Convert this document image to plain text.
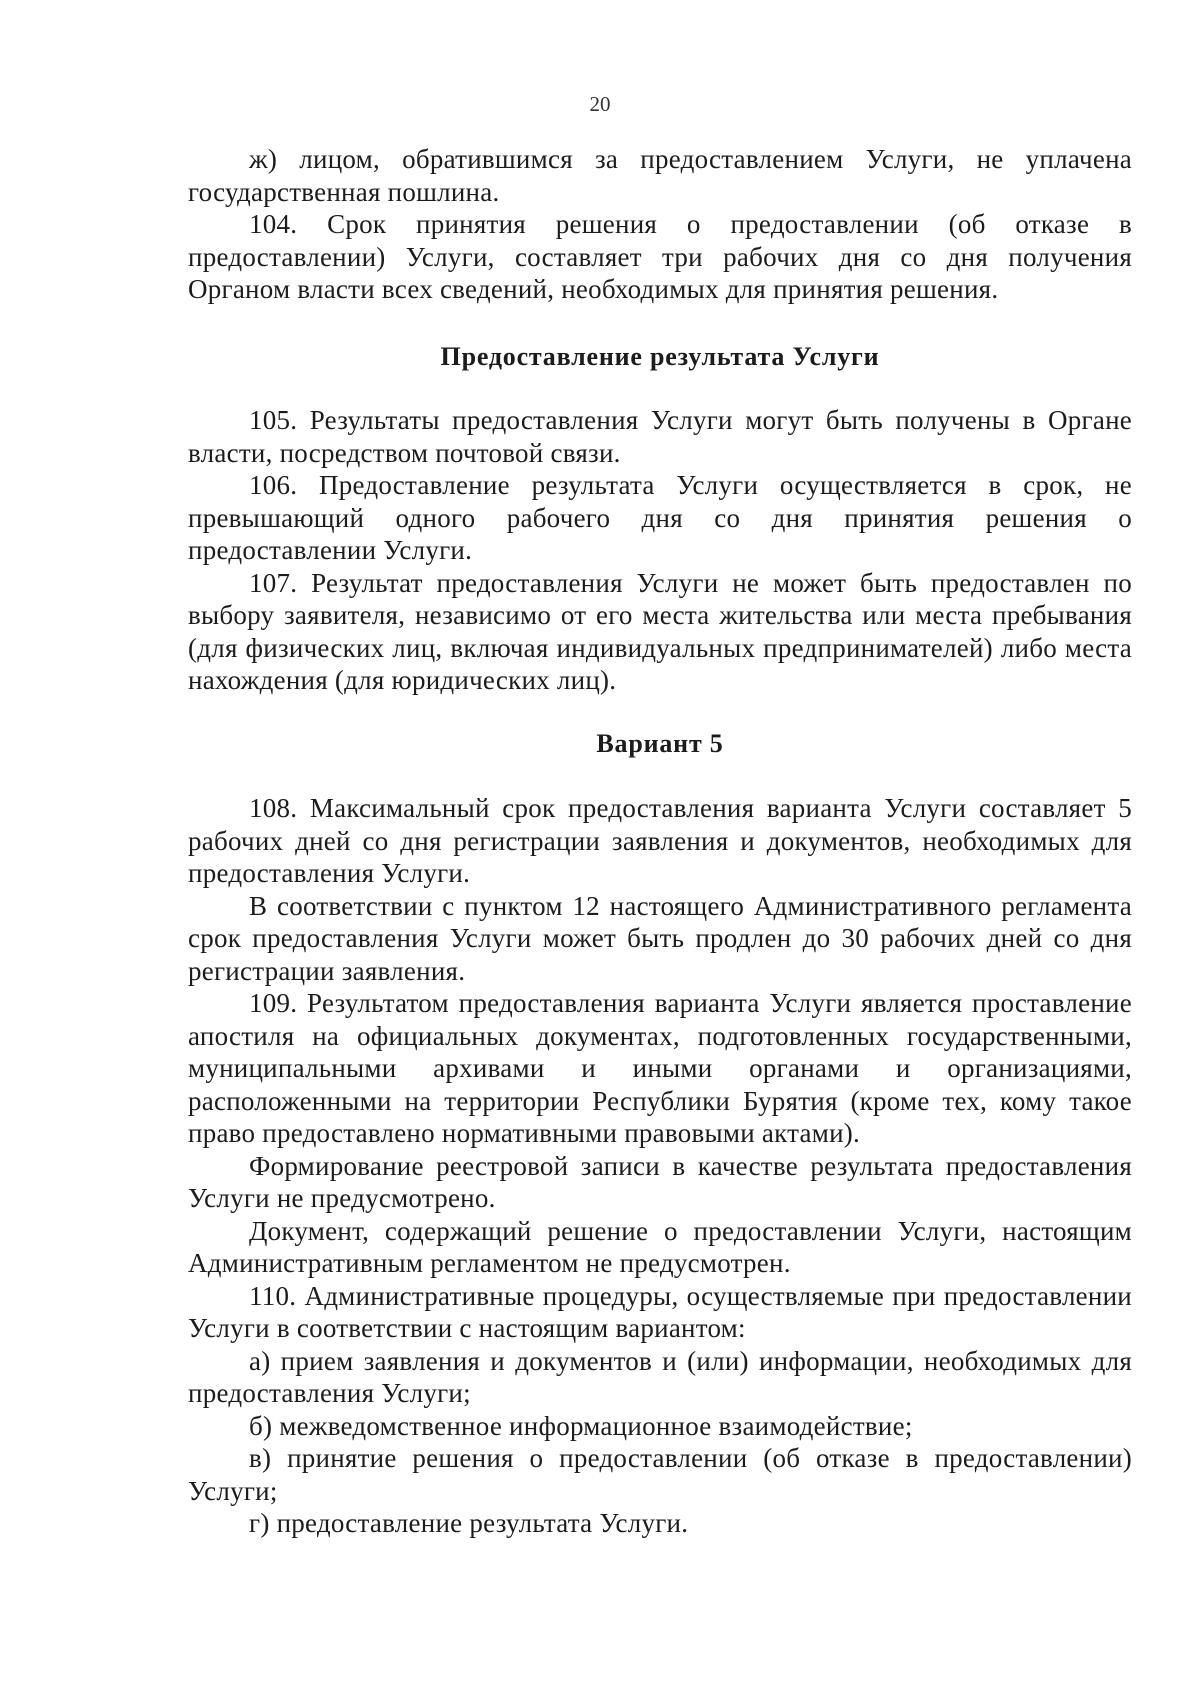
20

ж) лицом, обратившимся за предоставлением Услуги, не уплачена государственная пошлина.

104. Срок принятия решения о предоставлении (об отказе в предоставлении) Услуги, составляет три рабочих дня со дня получения Органом власти всех сведений, необходимых для принятия решения.

Предоставление результата Услуги

105. Результаты предоставления Услуги могут быть получены в Органе власти, посредством почтовой связи.

106. Предоставление результата Услуги осуществляется в срок, не превышающий одного рабочего дня со дня принятия решения о предоставлении Услуги.

107. Результат предоставления Услуги не может быть предоставлен по выбору заявителя, независимо от его места жительства или места пребывания (для физических лиц, включая индивидуальных предпринимателей) либо места нахождения (для юридических лиц).

Вариант 5

108. Максимальный срок предоставления варианта Услуги составляет 5 рабочих дней со дня регистрации заявления и документов, необходимых для предоставления Услуги.

В соответствии с пунктом 12 настоящего Административного регламента срок предоставления Услуги может быть продлен до 30 рабочих дней со дня регистрации заявления.

109. Результатом предоставления варианта Услуги является проставление апостиля на официальных документах, подготовленных государственными, муниципальными архивами и иными органами и организациями, расположенными на территории Республики Бурятия (кроме тех, кому такое право предоставлено нормативными правовыми актами).

Формирование реестровой записи в качестве результата предоставления Услуги не предусмотрено.

Документ, содержащий решение о предоставлении Услуги, настоящим Административным регламентом не предусмотрен.

110. Административные процедуры, осуществляемые при предоставлении Услуги в соответствии с настоящим вариантом:

а) прием заявления и документов и (или) информации, необходимых для предоставления Услуги;

б) межведомственное информационное взаимодействие;

в) принятие решения о предоставлении (об отказе в предоставлении) Услуги;

г) предоставление результата Услуги.
